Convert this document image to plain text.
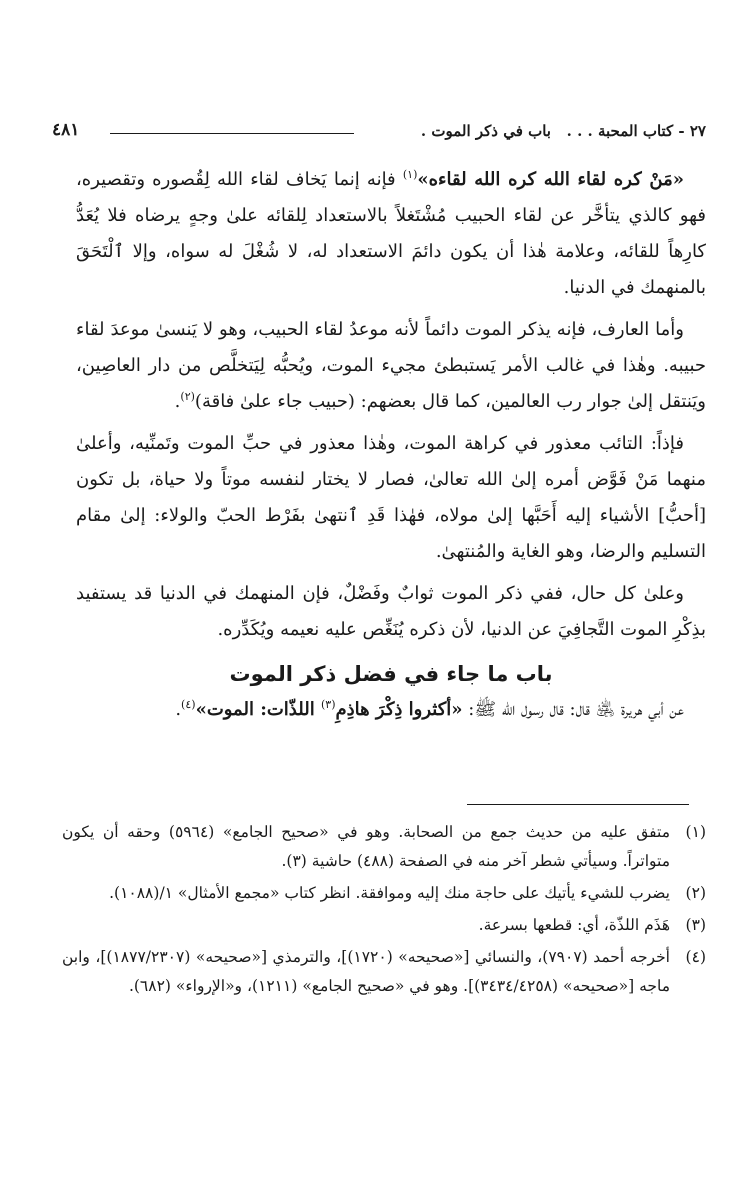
٢٧ - كتاب المحبة . . .   باب في ذكر الموت .
٤٨١

«مَنْ كره لقاء الله كره الله لقاءه»$^{(١)}$ فإنه إنما يَخاف لقاء الله لِقُصوره وتقصيره، فهو كالذي يتأخَّر عن لقاء الحبيب مُشْتَغلاً بالاستعداد لِلقائه علىٰ وجهٍ يرضاه فلا يُعَدُّ كارِهاً للقائه، وعلامة هٰذا أن يكون دائمَ الاستعداد له، لا شُغْلَ له سواه، وإلا ٱلْتَحَقَ بالمنهمك في الدنيا.

وأما العارف، فإنه يذكر الموت دائماً لأنه موعدُ لقاء الحبيب، وهو لا يَنسىٰ موعدَ لقاء حبيبه. وهٰذا في غالب الأمر يَستبطئ مجيء الموت، ويُحبُّه لِيَتخلَّص من دار العاصِين، ويَنتقل إلىٰ جوار رب العالمين، كما قال بعضهم: (حبيب جاء علىٰ فاقة)$^{(٢)}$.

فإذاً: التائب معذور في كراهة الموت، وهٰذا معذور في حبِّ الموت وتَمنِّيه، وأعلىٰ منهما مَنْ فَوَّض أمره إلىٰ الله تعالىٰ، فصار لا يختار لنفسه موتاً ولا حياة، بل تكون [أحبُّ] الأشياء إليه أَحَبَّها إلىٰ مولاه، فهٰذا قَدِ ٱنتهىٰ بفَرْط الحبّ والولاء: إلىٰ مقام التسليم والرضا، وهو الغاية والمُنتهىٰ.

وعلىٰ كل حال، ففي ذكر الموت ثوابٌ وفَضْلٌ، فإن المنهمك في الدنيا قد يستفيد بذِكْرِ الموت التَّجافِيَ عن الدنيا، لأن ذكره يُنَغِّص عليه نعيمه ويُكَدِّره.

باب ما جاء في فضل ذكر الموت

عن أبي هريرة ﵁ قال: قال رسول الله ﷺ: «أكثروا ذِكْرَ هاذِمِ$^{(٣)}$ اللذّات: الموت»$^{(٤)}$.

(١)
متفق عليه من حديث جمع من الصحابة. وهو في «صحيح الجامع» (٥٩٦٤) وحقه أن يكون متواتراً. وسيأتي شطر آخر منه في الصفحة (٤٨٨) حاشية (٣).
(٢)
يضرب للشيء يأتيك على حاجة منك إليه وموافقة. انظر كتاب «مجمع الأمثال» ١/(١٠٨٨).
(٣)
هَذَم اللذّة، أي: قطعها بسرعة.
(٤)
أخرجه أحمد (٧٩٠٧)، والنسائي [«صحيحه» (١٧٢٠)]، والترمذي [«صحيحه» (١٨٧٧/٢٣٠٧)]، وابن ماجه [«صحيحه» (٣٤٣٤/٤٢٥٨)]. وهو في «صحيح الجامع» (١٢١١)، و«الإرواء» (٦٨٢).
